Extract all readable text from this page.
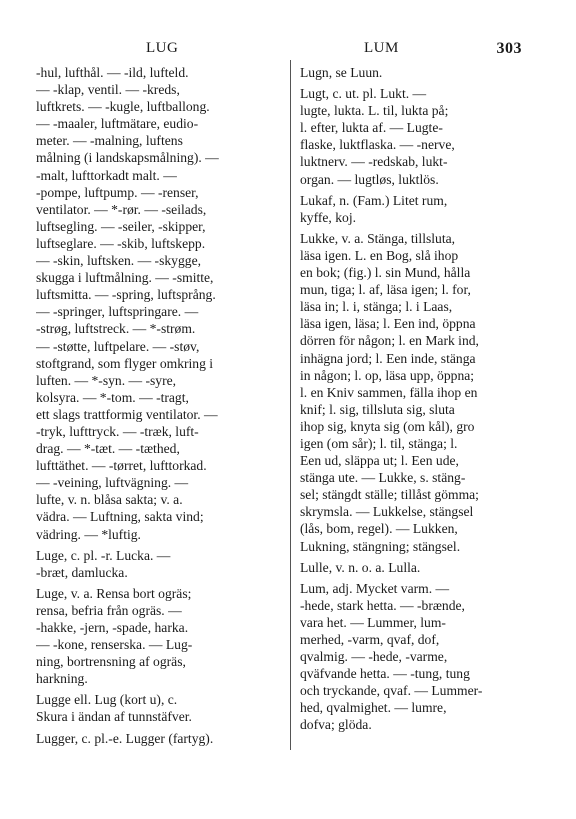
LUG	LUM	303
-hul, lufthål. — -ild, lufteld.
— -klap, ventil. — -kreds,
luftkrets. — -kugle, luftballong.
— -maaler, luftmätare, eudio-
meter. — -malning, luftens
målning (i landskapsmålning). —
-malt, lufttorkadt malt. —
-pompe, luftpump. — -renser,
ventilator. — *-rør. — -seilads,
luftsegling. — -seiler, -skipper,
luftseglare. — -skib, luftskepp.
— -skin, luftsken. — -skygge,
skugga i luftmålning. — -smitte,
luftsmitta. — -spring, luftsprång.
— -springer, luftspringare. —
-strøg, luftstreck. — *-strøm.
— -støtte, luftpelare. — -støv,
stoftgrand, som flyger omkring i
luften. — *-syn. — -syre,
kolsyra. — *-tom. — -tragt,
ett slags trattformig ventilator. —
-tryk, lufttryck. — -træk, luft-
drag. — *-tæt. — -tæthed,
lufttäthet. — -tørret, lufttorkad.
— -veining, luftvägning. —
lufte, v. n. blåsa sakta; v. a.
vädra. — Luftning, sakta vind;
vädring. — *luftig.
Luge, c. pl. -r. Lucka. —
-bræt, damlucka.
Luge, v. a. Rensa bort ogräs;
rensa, befria från ogräs. —
-hakke, -jern, -spade, harka.
— -kone, renserska. — Lug-
ning, bortrensning af ogräs,
harkning.
Lugge ell. Lug (kort u), c.
Skura i ändan af tunnstäfver.
Lugger, c. pl.-e. Lugger (fartyg).
Lugn, se Luun.
Lugt, c. ut. pl. Lukt. —
lugte, lukta. L. til, lukta på;
l. efter, lukta af. — Lugte-
flaske, luktflaska. — -nerve,
luktnerv. — -redskab, lukt-
organ. — lugtløs, luktlös.
Lukaf, n. (Fam.) Litet rum,
kyffe, koj.
Lukke, v. a. Stänga, tillsluta,
läsa igen. L. en Bog, slå ihop
en bok; (fig.) l. sin Mund, hålla
mun, tiga; l. af, läsa igen; l. for,
läsa in; l. i, stänga; l. i Laas,
läsa igen, läsa; l. Een ind, öppna
dörren för någon; l. en Mark ind,
inhägna jord; l. Een inde, stänga
in någon; l. op, läsa upp, öppna;
l. en Kniv sammen, fälla ihop en
knif; l. sig, tillsluta sig, sluta
ihop sig, knyta sig (om kål), gro
igen (om sår); l. til, stänga; l.
Een ud, släppa ut; l. Een ude,
stänga ute. — Lukke, s. stäng-
sel; stängdt ställe; tillåst gömma;
skrymsla. — Lukkelse, stängsel
(lås, bom, regel). — Lukken,
Lukning, stängning; stängsel.
Lulle, v. n. o. a. Lulla.
Lum, adj. Mycket varm. —
-hede, stark hetta. — -brænde,
vara het. — Lummer, lum-
merhed, -varm, qvaf, dof,
qvalmig. — -hede, -varme,
qväfvande hetta. — -tung, tung
och tryckande, qvaf. — Lummer-
hed, qvalmighet. — lumre,
dofva; glöda.
